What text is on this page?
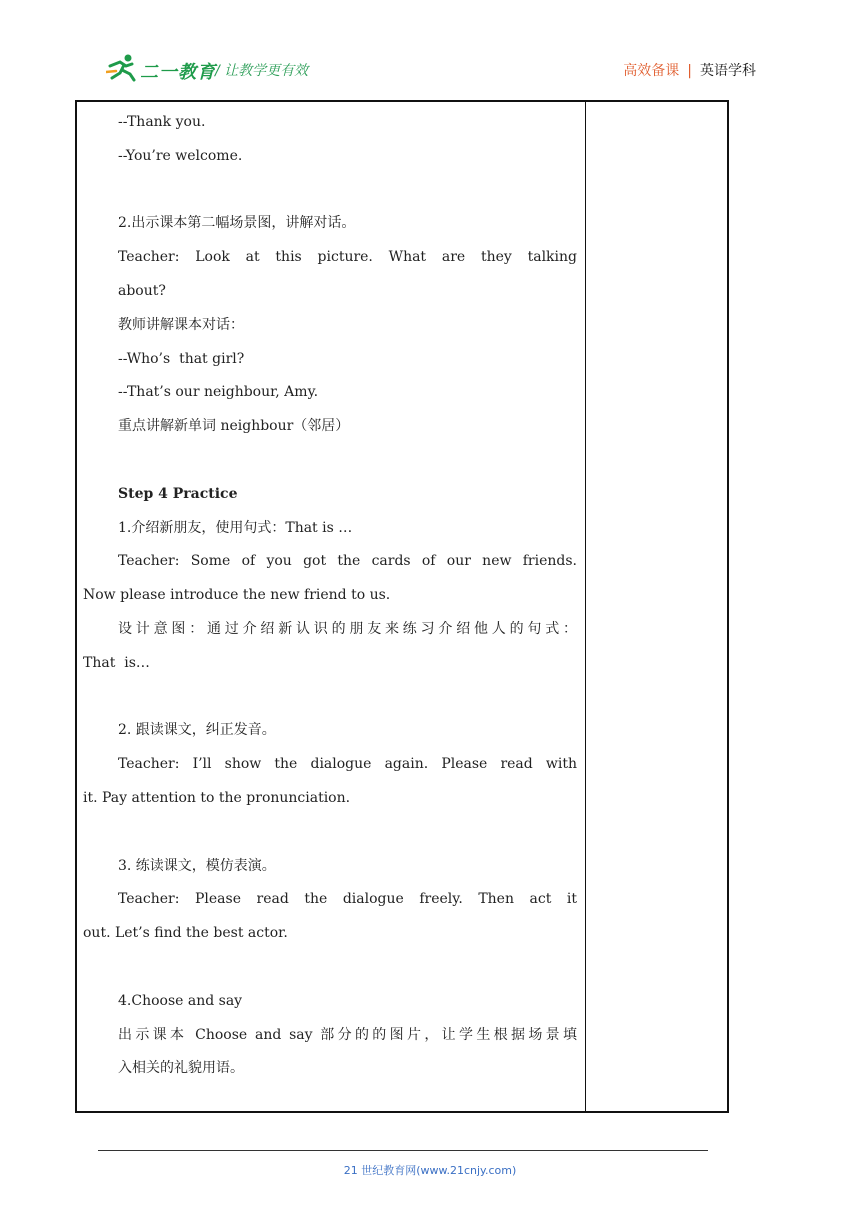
二一教育 / 让教学更有效	高效备课 | 英语学科
--Thank you.
--You’re welcome.
2.出示课本第二幅场景图，讲解对话。
Teacher: Look at this picture. What are they talking
about?
教师讲解课本对话：
--Who’s  that girl?
--That’s our neighbour, Amy.
重点讲解新单词 neighbour（邻居）
Step 4 Practice
1.介绍新朋友，使用句式：That is …
Teacher: Some of you got the cards of our new friends.
Now please introduce the new friend to us.
设计意图：通过介绍新认识的朋友来练习介绍他人的句式：
That  is…
2. 跟读课文，纠正发音。
Teacher: I’ll show the dialogue again. Please read with
it. Pay attention to the pronunciation.
3. 练读课文，模仿表演。
Teacher: Please read the dialogue freely. Then act it
out. Let’s find the best actor.
4.Choose and say
出示课本 Choose and say 部分的的图片，让学生根据场景填
入相关的礼貌用语。
21 世纪教育网(www.21cnjy.com)
